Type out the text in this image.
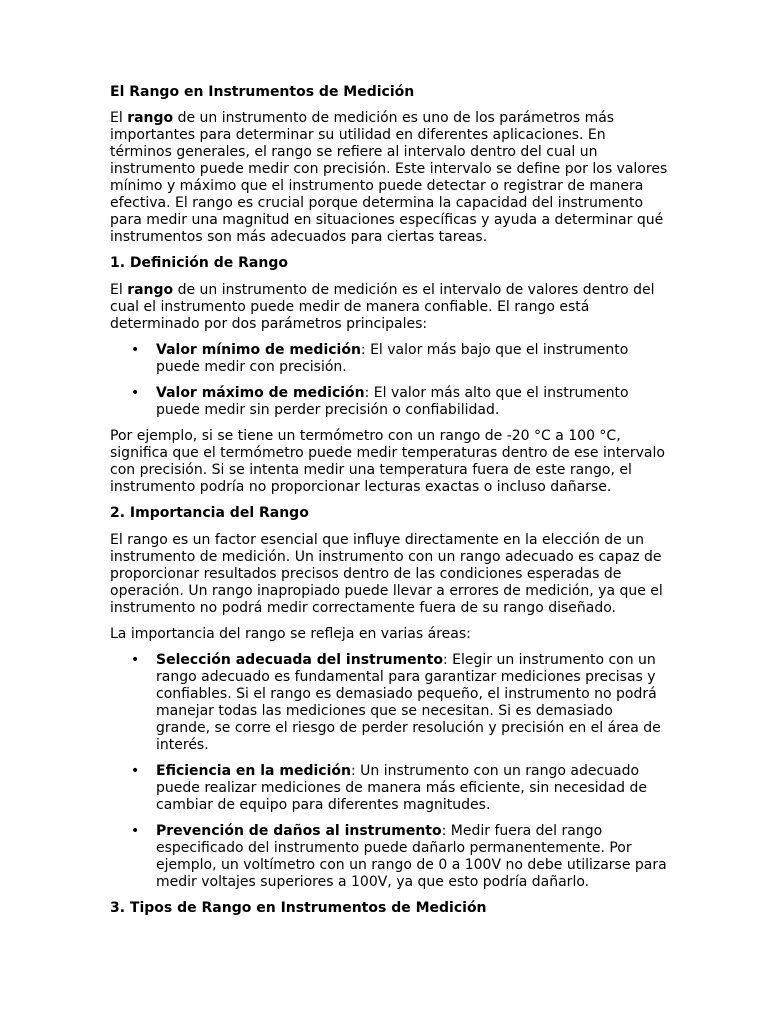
El Rango en Instrumentos de Medición

El rango de un instrumento de medición es uno de los parámetros más importantes para determinar su utilidad en diferentes aplicaciones. En términos generales, el rango se refiere al intervalo dentro del cual un instrumento puede medir con precisión. Este intervalo se define por los valores mínimo y máximo que el instrumento puede detectar o registrar de manera efectiva. El rango es crucial porque determina la capacidad del instrumento para medir una magnitud en situaciones específicas y ayuda a determinar qué instrumentos son más adecuados para ciertas tareas.

1. Definición de Rango

El rango de un instrumento de medición es el intervalo de valores dentro del cual el instrumento puede medir de manera confiable. El rango está determinado por dos parámetros principales:

• Valor mínimo de medición: El valor más bajo que el instrumento puede medir con precisión.
• Valor máximo de medición: El valor más alto que el instrumento puede medir sin perder precisión o confiabilidad.

Por ejemplo, si se tiene un termómetro con un rango de -20 °C a 100 °C, significa que el termómetro puede medir temperaturas dentro de ese intervalo con precisión. Si se intenta medir una temperatura fuera de este rango, el instrumento podría no proporcionar lecturas exactas o incluso dañarse.

2. Importancia del Rango

El rango es un factor esencial que influye directamente en la elección de un instrumento de medición. Un instrumento con un rango adecuado es capaz de proporcionar resultados precisos dentro de las condiciones esperadas de operación. Un rango inapropiado puede llevar a errores de medición, ya que el instrumento no podrá medir correctamente fuera de su rango diseñado.

La importancia del rango se refleja en varias áreas:

• Selección adecuada del instrumento: Elegir un instrumento con un rango adecuado es fundamental para garantizar mediciones precisas y confiables. Si el rango es demasiado pequeño, el instrumento no podrá manejar todas las mediciones que se necesitan. Si es demasiado grande, se corre el riesgo de perder resolución y precisión en el área de interés.
• Eficiencia en la medición: Un instrumento con un rango adecuado puede realizar mediciones de manera más eficiente, sin necesidad de cambiar de equipo para diferentes magnitudes.
• Prevención de daños al instrumento: Medir fuera del rango especificado del instrumento puede dañarlo permanentemente. Por ejemplo, un voltímetro con un rango de 0 a 100V no debe utilizarse para medir voltajes superiores a 100V, ya que esto podría dañarlo.
3. Tipos de Rango en Instrumentos de Medición
